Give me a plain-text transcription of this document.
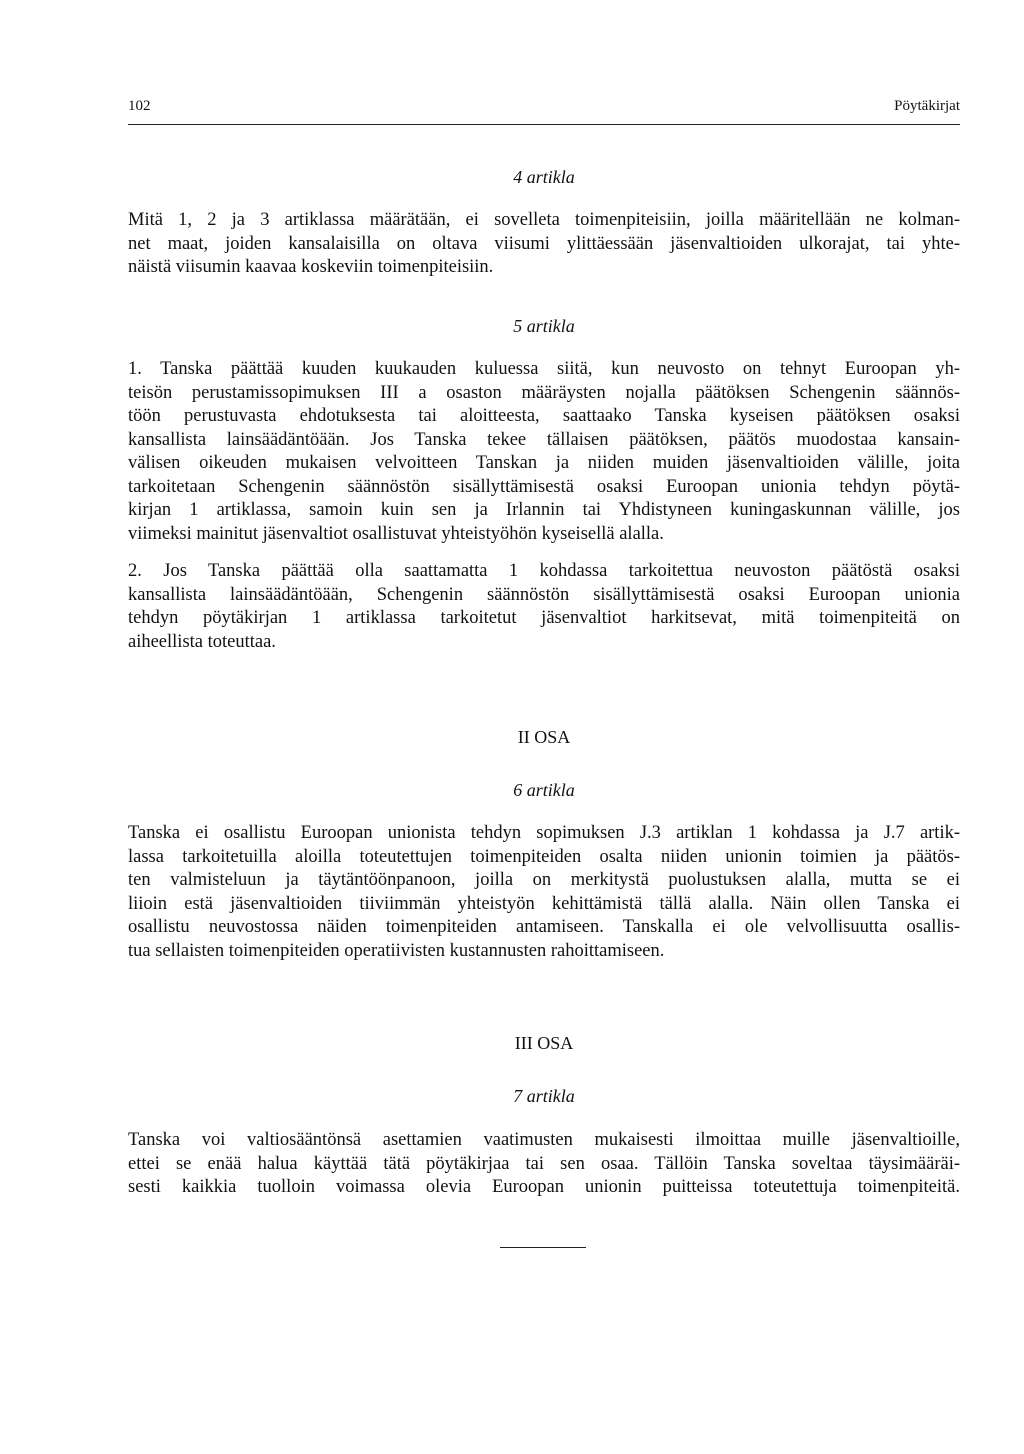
102	Pöytäkirjat
4 artikla
Mitä 1, 2 ja 3 artiklassa määrätään, ei sovelleta toimenpiteisiin, joilla määritellään ne kolman-
net maat, joiden kansalaisilla on oltava viisumi ylittäessään jäsenvaltioiden ulkorajat, tai yhte-
näistä viisumin kaavaa koskeviin toimenpiteisiin.
5 artikla
1. Tanska päättää kuuden kuukauden kuluessa siitä, kun neuvosto on tehnyt Euroopan yh-
teisön perustamissopimuksen III a osaston määräysten nojalla päätöksen Schengenin säännös-
töön perustuvasta ehdotuksesta tai aloitteesta, saattaako Tanska kyseisen päätöksen osaksi
kansallista lainsäädäntöään. Jos Tanska tekee tällaisen päätöksen, päätös muodostaa kansain-
välisen oikeuden mukaisen velvoitteen Tanskan ja niiden muiden jäsenvaltioiden välille, joita
tarkoitetaan Schengenin säännöstön sisällyttämisestä osaksi Euroopan unionia tehdyn pöytä-
kirjan 1 artiklassa, samoin kuin sen ja Irlannin tai Yhdistyneen kuningaskunnan välille, jos
viimeksi mainitut jäsenvaltiot osallistuvat yhteistyöhön kyseisellä alalla.
2. Jos Tanska päättää olla saattamatta 1 kohdassa tarkoitettua neuvoston päätöstä osaksi
kansallista lainsäädäntöään, Schengenin säännöstön sisällyttämisestä osaksi Euroopan unionia
tehdyn pöytäkirjan 1 artiklassa tarkoitetut jäsenvaltiot harkitsevat, mitä toimenpiteitä on
aiheellista toteuttaa.
II OSA
6 artikla
Tanska ei osallistu Euroopan unionista tehdyn sopimuksen J.3 artiklan 1 kohdassa ja J.7 artik-
lassa tarkoitetuilla aloilla toteutettujen toimenpiteiden osalta niiden unionin toimien ja päätös-
ten valmisteluun ja täytäntöönpanoon, joilla on merkitystä puolustuksen alalla, mutta se ei
liioin estä jäsenvaltioiden tiiviimmän yhteistyön kehittämistä tällä alalla. Näin ollen Tanska ei
osallistu neuvostossa näiden toimenpiteiden antamiseen. Tanskalla ei ole velvollisuutta osallis-
tua sellaisten toimenpiteiden operatiivisten kustannusten rahoittamiseen.
III OSA
7 artikla
Tanska voi valtiosääntönsä asettamien vaatimusten mukaisesti ilmoittaa muille jäsenvaltioille,
ettei se enää halua käyttää tätä pöytäkirjaa tai sen osaa. Tällöin Tanska soveltaa täysimääräi-
sesti kaikkia tuolloin voimassa olevia Euroopan unionin puitteissa toteutettuja toimenpiteitä.
